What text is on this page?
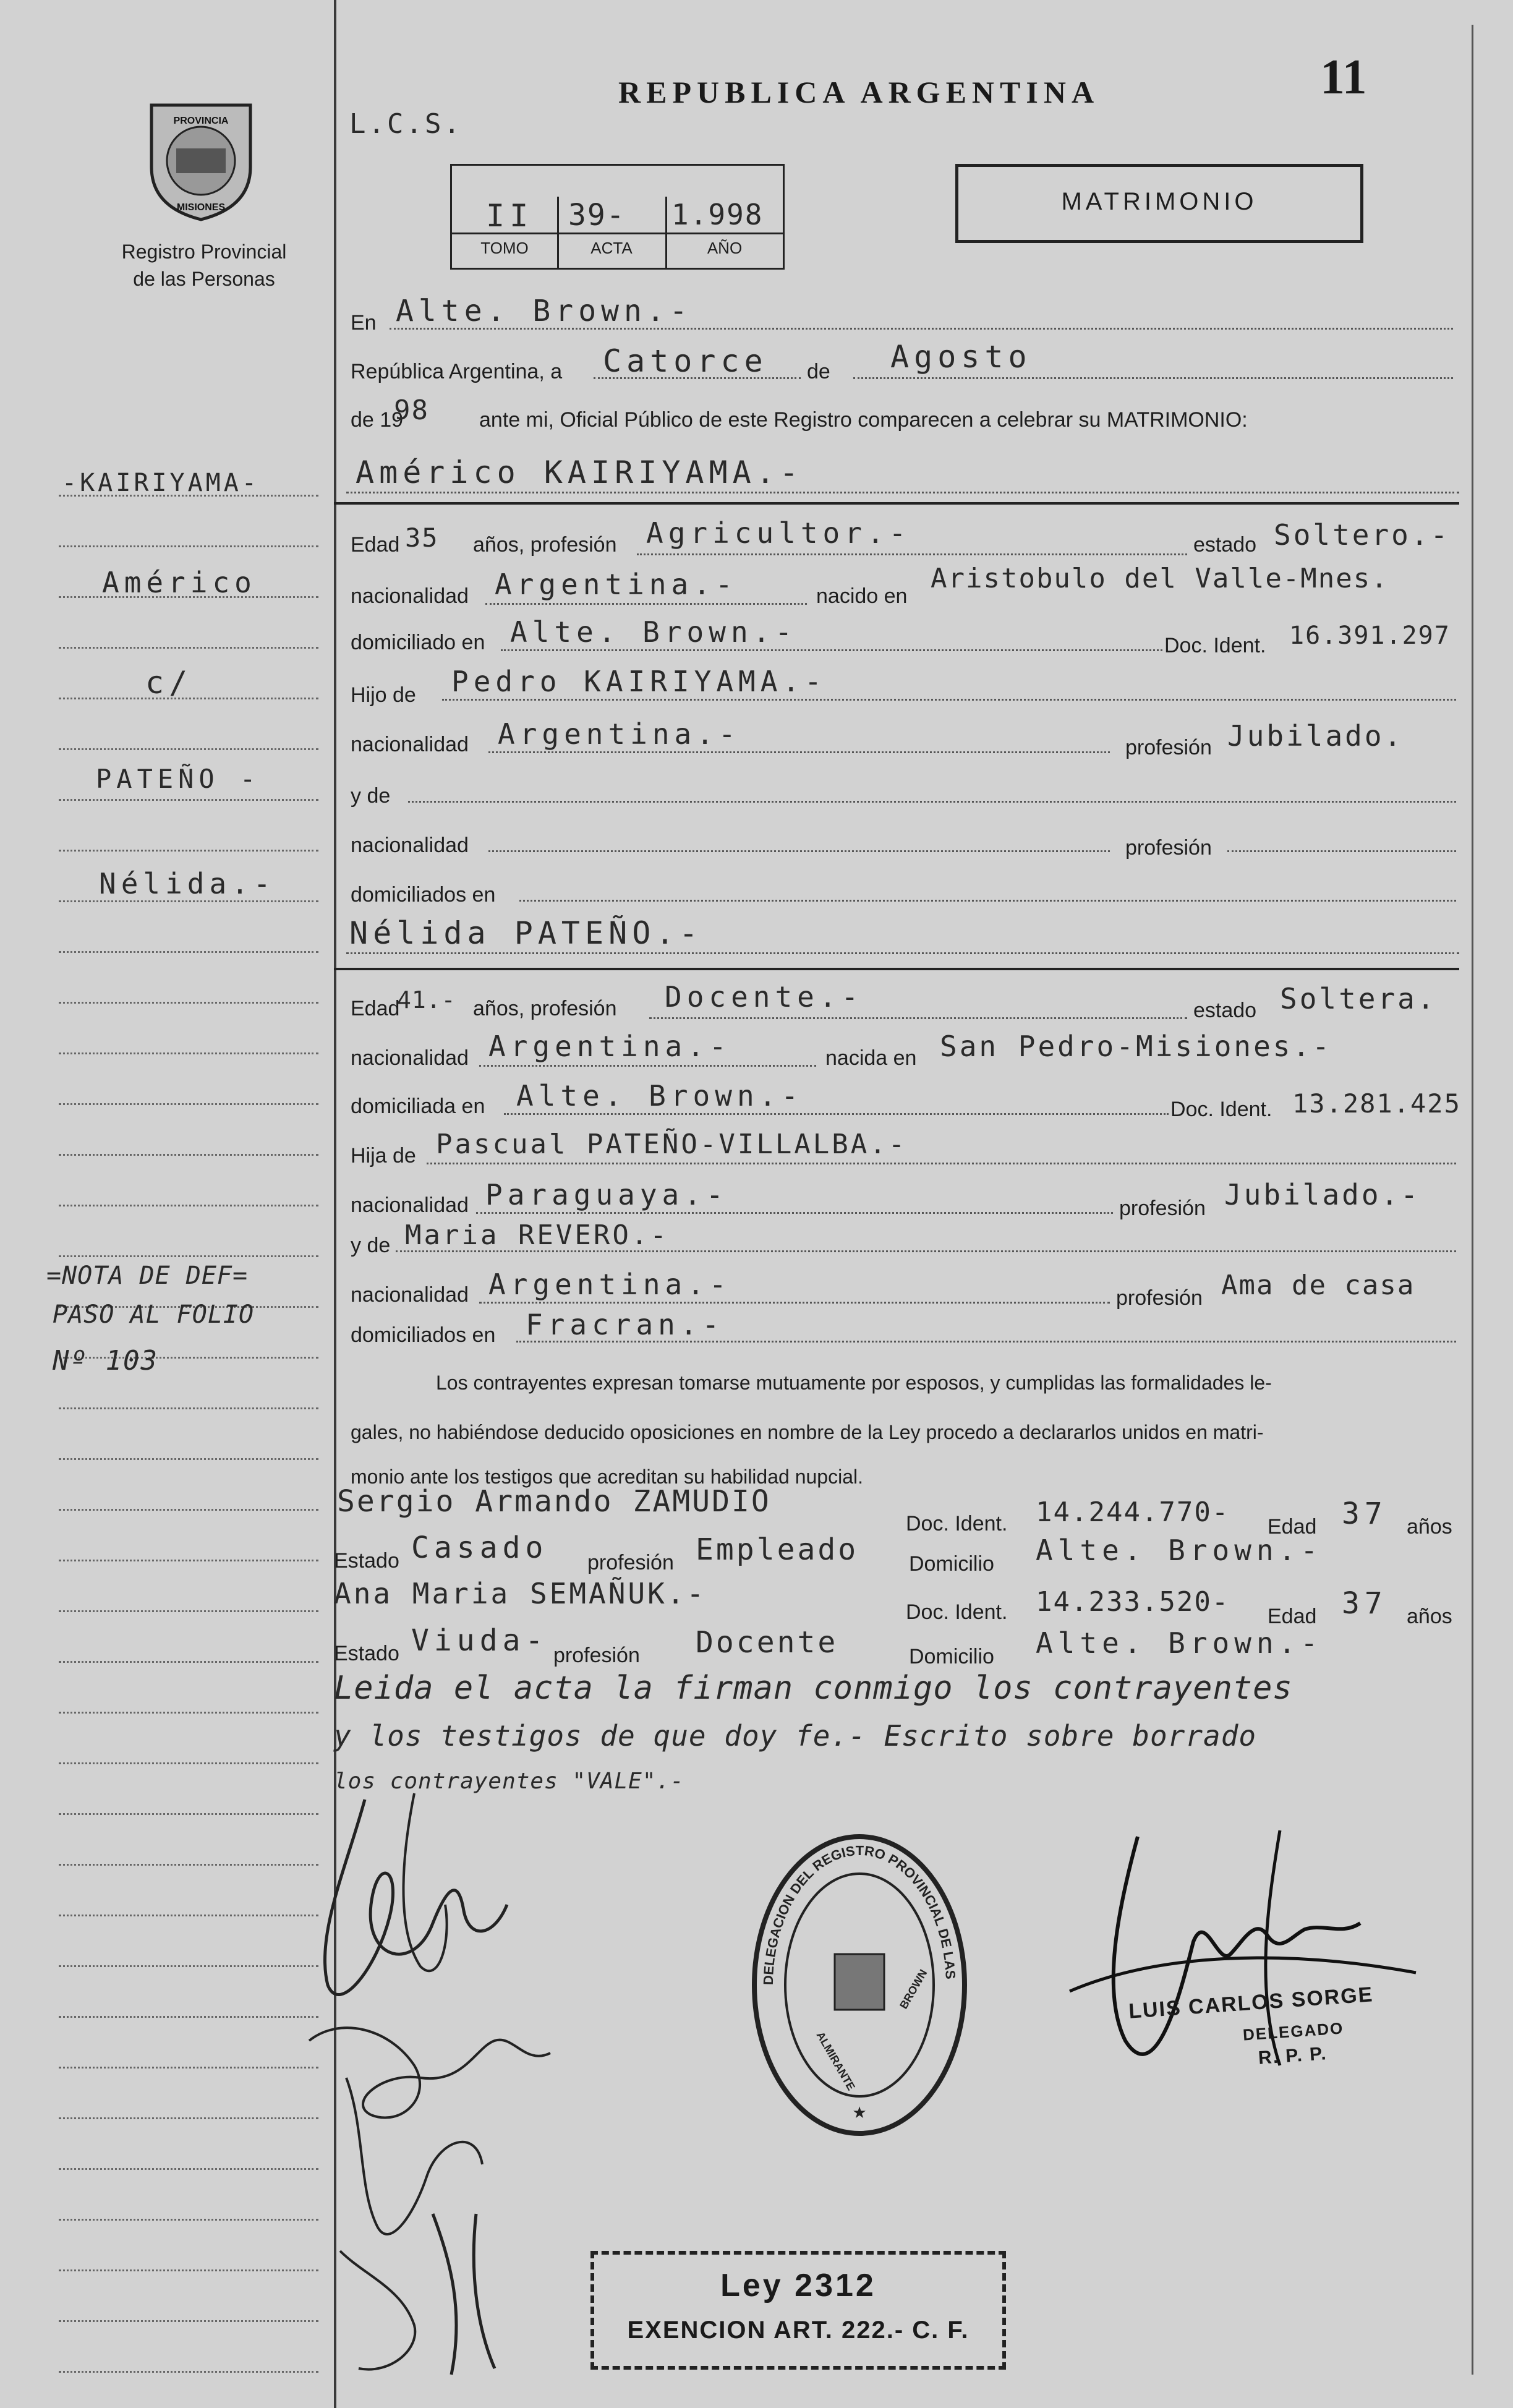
PROVINCIA
MISIONES
Registro Provincial
de las Personas
REPUBLICA ARGENTINA	11
L.C.S.
II 39- 1.998
TOMO	ACTA	AÑO
MATRIMONIO
-KAIRIYAMA-
Américo
c/
PATEÑO -
Nélida.-
=NOTA DE DEF=
PASO AL FOLIO
Nº 103
En Alte. Brown.-
República Argentina, a Catorce de Agosto
de 19
98 ante mi, Oficial Público de este Registro comparecen a celebrar su MATRIMONIO:
Américo KAIRIYAMA.-
Edad 35 años, profesión Agricultor.-	estado Soltero.-
nacionalidad Argentina.-	nacido en
Aristobulo del Valle-Mnes.
domiciliado en Alte. Brown.-	Doc. Ident. 16.391.297
Hijo de Pedro KAIRIYAMA.-
nacionalidad Argentina.-	profesión Jubilado.
y de
nacionalidad	profesión
domiciliados en
Nélida PATEÑO.-
Edad
41.- años, profesión Docente.-	estado Soltera.
nacionalidad Argentina.-	nacida en San Pedro-Misiones.-
domiciliada en Alte. Brown.-	Doc. Ident. 13.281.425
Hija de Pascual PATEÑO-VILLALBA.-
nacionalidad Paraguaya.-	profesión Jubilado.-
y de Maria REVERO.-
nacionalidad Argentina.-	profesión Ama de casa
domiciliados en Fracran.-
Los contrayentes expresan tomarse mutuamente por esposos, y cumplidas las formalidades le-
gales, no habiéndose deducido oposiciones en nombre de la Ley procedo a declararlos unidos en matri-
monio ante los testigos que acreditan su habilidad nupcial.
Sergio Armando ZAMUDIO
Doc. Ident. 14.244.770- Edad 37 años
Estado Casado profesión Empleado Domicilio Alte. Brown.-
Ana Maria SEMAÑUK.-
Doc. Ident. 14.233.520- Edad 37 años
Estado Viuda- profesión Docente	Domicilio Alte. Brown.-
Leida el acta la firman conmigo los contrayentes
y los testigos de que doy fe.- Escrito sobre borrado
los contrayentes "VALE".-
DELEGACION DEL REGISTRO PROVINCIAL DE LAS
ALMIRANTE
BROWN
★
LUIS CARLOS SORGE
DELEGADO
R. P. P.
Ley 2312
EXENCION ART. 222.- C. F.
